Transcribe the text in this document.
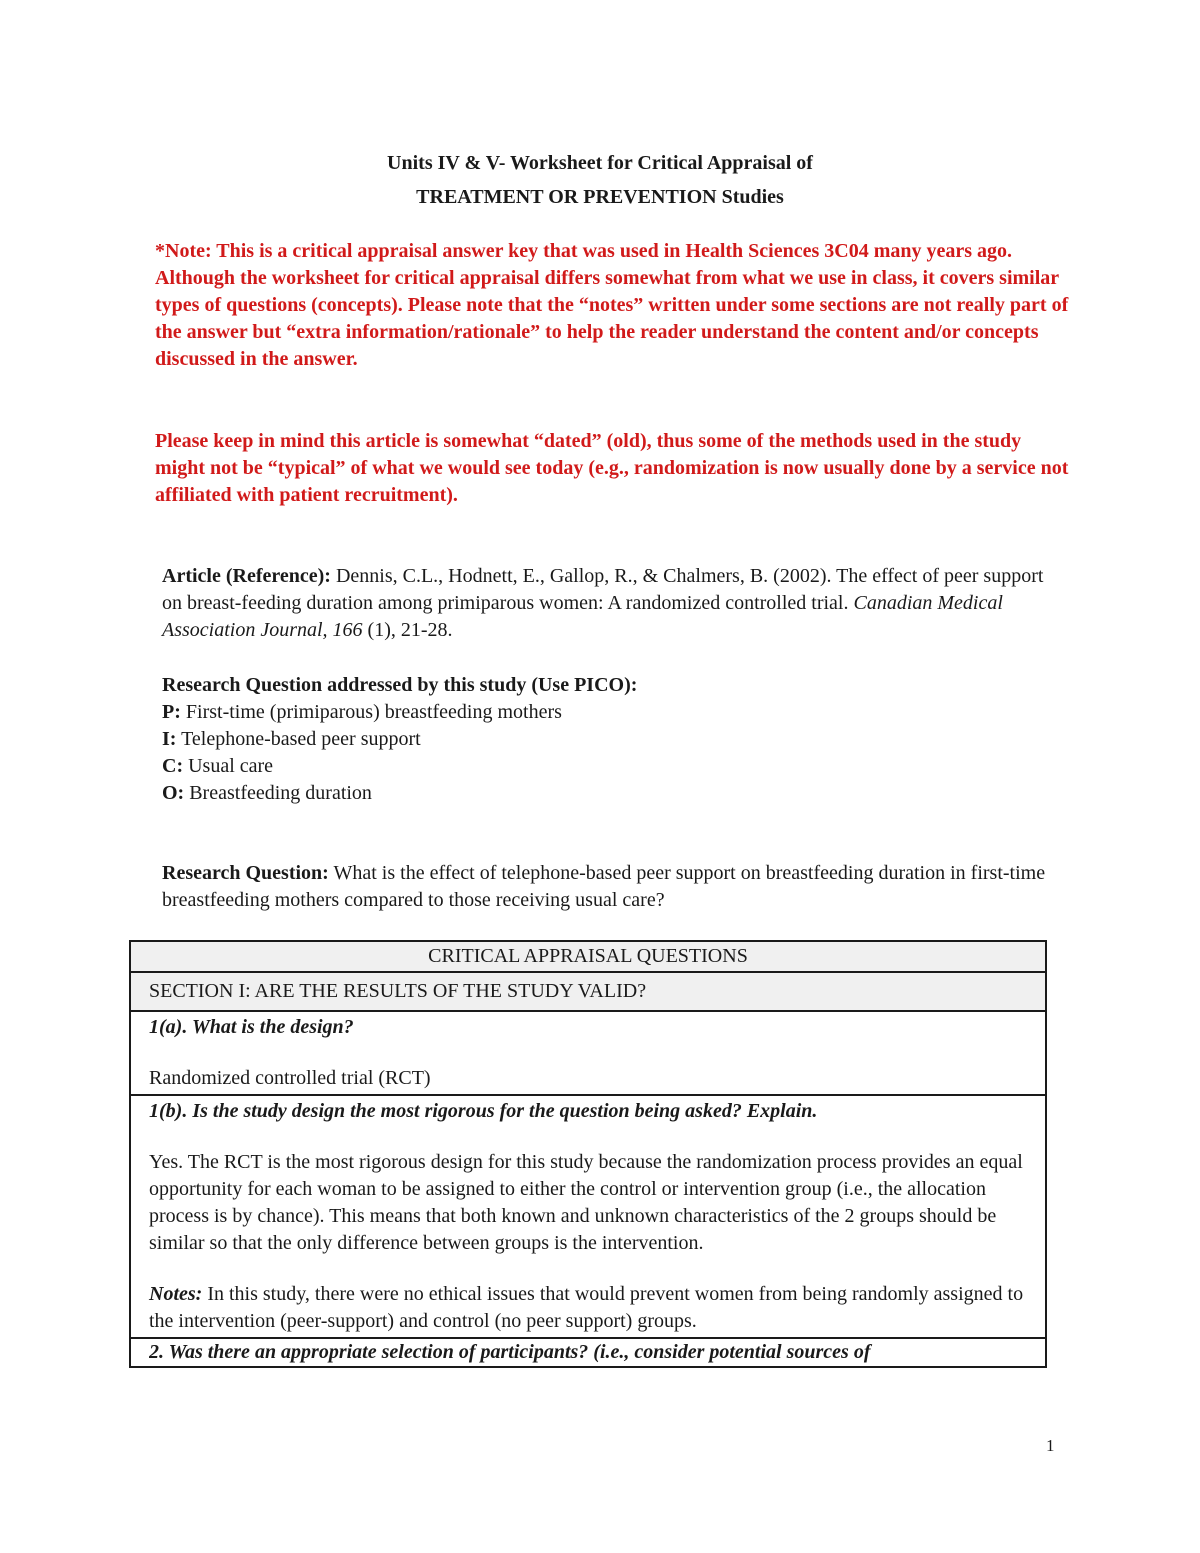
Units IV & V- Worksheet for Critical Appraisal of
TREATMENT OR PREVENTION Studies
*Note: This is a critical appraisal answer key that was used in Health Sciences 3C04 many years ago. Although the worksheet for critical appraisal differs somewhat from what we use in class, it covers similar types of questions (concepts). Please note that the “notes” written under some sections are not really part of the answer but “extra information/rationale” to help the reader understand the content and/or concepts discussed in the answer.
Please keep in mind this article is somewhat “dated” (old), thus some of the methods used in the study might not be “typical” of what we would see today (e.g., randomization is now usually done by a service not affiliated with patient recruitment).
Article (Reference): Dennis, C.L., Hodnett, E., Gallop, R., & Chalmers, B. (2002). The effect of peer support on breast-feeding duration among primiparous women: A randomized controlled trial. Canadian Medical Association Journal, 166 (1), 21-28.
Research Question addressed by this study (Use PICO): P: First-time (primiparous) breastfeeding mothers
I: Telephone-based peer support
C: Usual care
O: Breastfeeding duration
Research Question: What is the effect of telephone-based peer support on breastfeeding duration in first-time breastfeeding mothers compared to those receiving usual care?
CRITICAL APPRAISAL QUESTIONS
SECTION I: ARE THE RESULTS OF THE STUDY VALID?

1(a). What is the design?
Randomized controlled trial (RCT)

1(b). Is the study design the most rigorous for the question being asked? Explain.
Yes. The RCT is the most rigorous design for this study because the randomization process provides an equal opportunity for each woman to be assigned to either the control or intervention group (i.e., the allocation process is by chance). This means that both known and unknown characteristics of the 2 groups should be similar so that the only difference between groups is the intervention.
Notes: In this study, there were no ethical issues that would prevent women from being randomly assigned to the intervention (peer-support) and control (no peer support) groups.

2. Was there an appropriate selection of participants? (i.e., consider potential sources of
1
